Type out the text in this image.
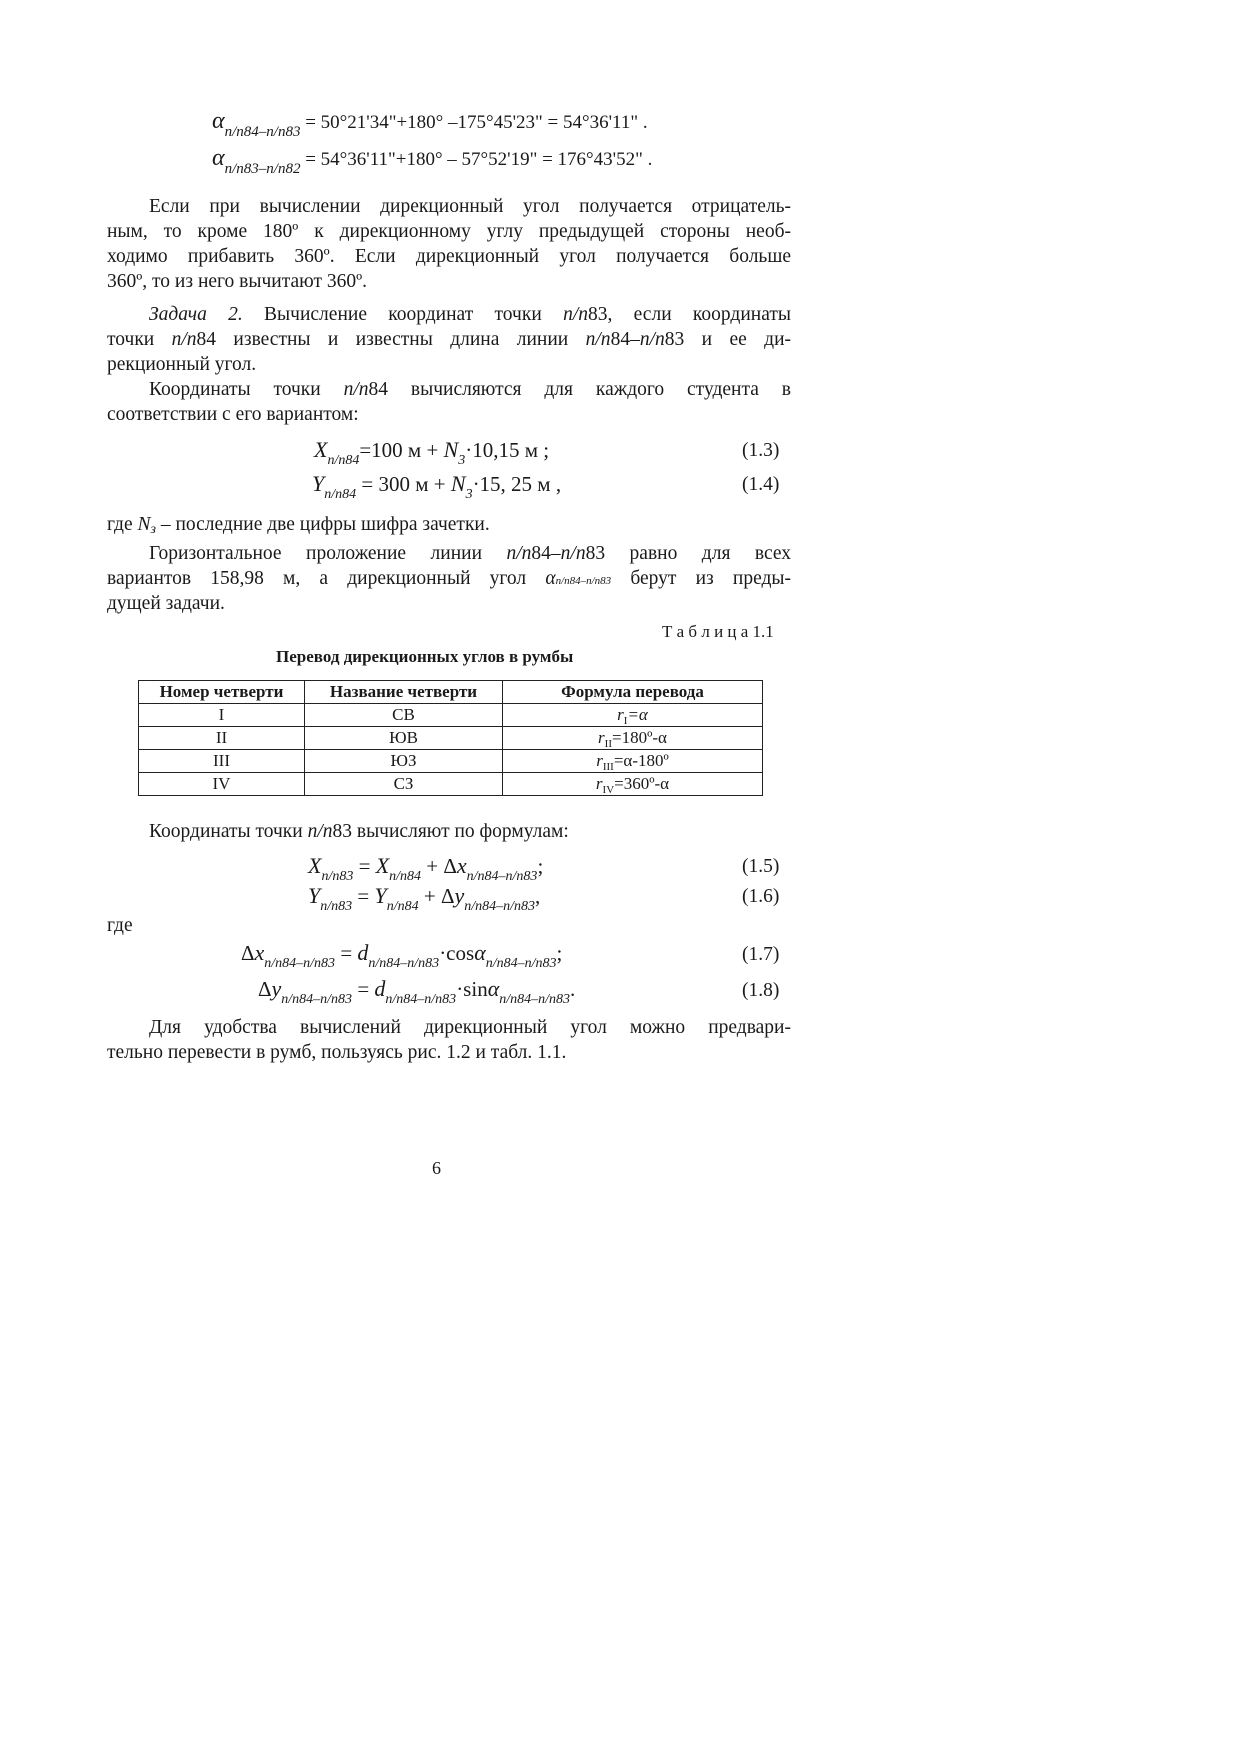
$\alpha_{n/n84-n/n83}$ = 50°21'34"+180° –175°45'23" = 54°36'11" .
$\alpha_{n/n83-n/n82}$ = 54°36'11"+180° – 57°52'19" = 176°43'52" .
Если при вычислении дирекционный угол получается отрицатель-
ным, то кроме 180º к дирекционному углу предыдущей стороны необ-
ходимо прибавить 360º. Если дирекционный угол получается больше
360º, то из него вычитают 360º.
Задача 2. Вычисление координат точки n/n83, если координаты
точки n/n84 известны и известны длина линии n/n84–n/n83 и ее ди-
рекционный угол.
Координаты точки n/n84 вычисляются для каждого студента в
соответствии с его вариантом:
$X_{n/n84}=100$ $м + N_3\cdot 10,15$ м ;	(1.3)
$Y_{n/n84} = 300$ $м + N_3\cdot 15$, 25 м ,	(1.4)
где Nз – последние две цифры шифра зачетки.
Горизонтальное проложение линии n/n84–n/n83 равно для всех
вариантов 158,98 м, а дирекционный угол αn/n84–n/n83 берут из преды-
дущей задачи.
Т а б л и ц а 1.1
Перевод дирекционных углов в румбы
Номер четверти	Название четверти	Формула перевода
I	СВ	$r_I=\alpha$
II	ЮВ	$r_{II}=180º-\alpha$
III	ЮЗ	$r_{III}=\alpha-180º$
IV	СЗ	$r_{IV}=360º-\alpha$
Координаты точки n/n83 вычисляют по формулам:
$X_{n/n83} = X_{n/n84} + \Delta x_{n/n84-n/n83}$;	(1.5)
$Y_{n/n83} = Y_{n/n84} + \Delta y_{n/n84-n/n83}$,	(1.6)
где
$\Delta x_{n/n84-n/n83} = d_{n/n84-n/n83}\cdot\cos\alpha_{n/n84-n/n83}$;	(1.7)
$\Delta y_{n/n84-n/n83} = d_{n/n84-n/n83}\cdot\sin\alpha_{n/n84-n/n83}$.	(1.8)
Для удобства вычислений дирекционный угол можно предвари-
тельно перевести в румб, пользуясь рис. 1.2 и табл. 1.1.
6
